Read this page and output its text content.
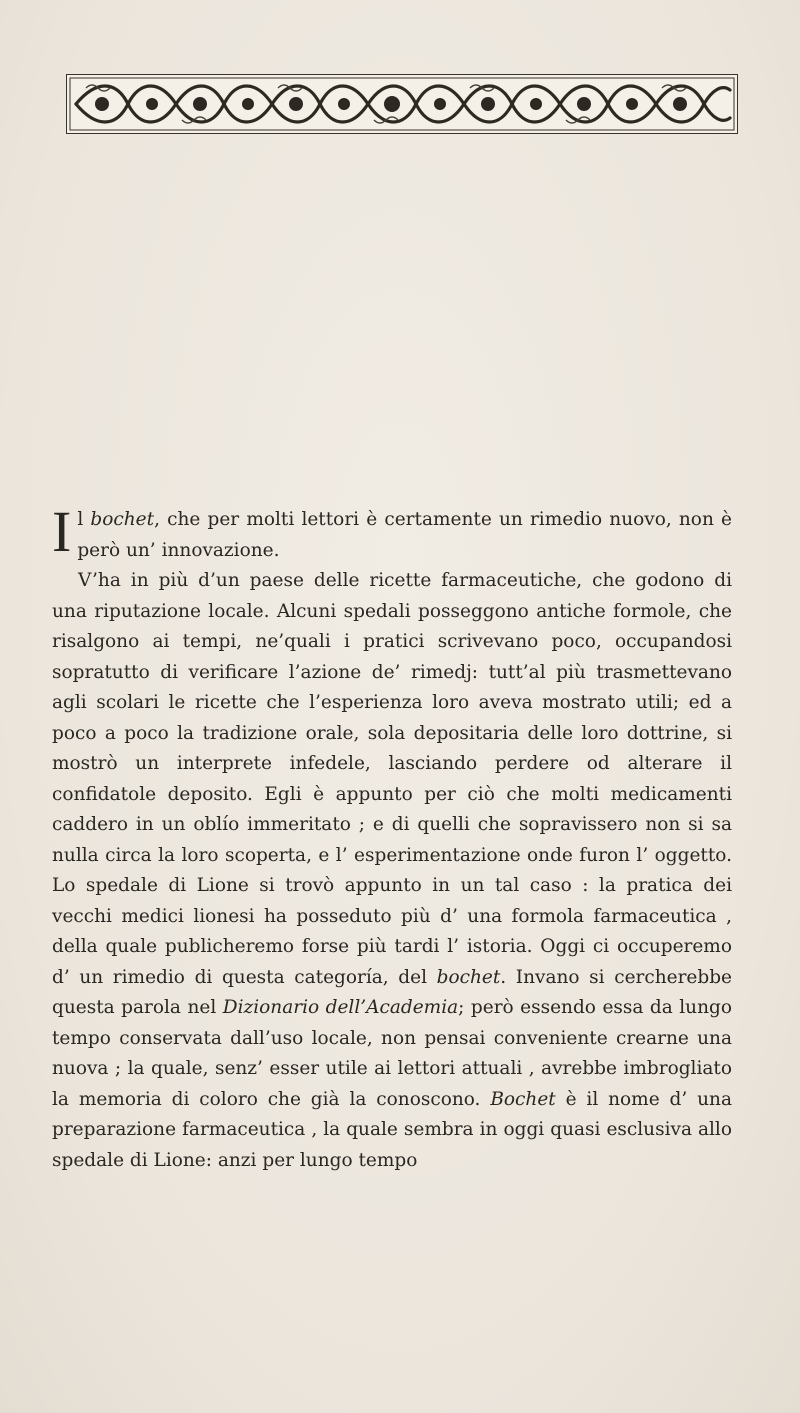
Il bochet, che per molti lettori è certamente un rimedio nuovo, non è però un’ innovazione.

V’ha in più d’un paese delle ricette farmaceutiche, che godono di una riputazione locale. Alcuni spedali posseggono antiche formole, che risalgono ai tempi, ne’quali i pratici scrivevano poco, occupandosi sopratutto di verificare l’azione de’ rimedj: tutt’al più trasmettevano agli scolari le ricette che l’esperienza loro aveva mostrato utili; ed a poco a poco la tradizione orale, sola depositaria delle loro dottrine, si mostrò un interprete infedele, lasciando perdere od alterare il confidatole deposito. Egli è appunto per ciò che molti medicamenti caddero in un oblío immeritato ; e di quelli che sopravissero non si sa nulla circa la loro scoperta, e l’ esperimentazione onde furon l’ oggetto. Lo spedale di Lione si trovò appunto in un tal caso : la pratica dei vecchi medici lionesi ha posseduto più d’ una formola farmaceutica , della quale publicheremo forse più tardi l’ istoria. Oggi ci occuperemo d’ un rimedio di questa categoría, del bochet. Invano si cercherebbe questa parola nel Dizionario dell’Academia; però essendo essa da lungo tempo conservata dall’uso locale, non pensai conveniente crearne una nuova ; la quale, senz’ esser utile ai lettori attuali , avrebbe imbrogliato la memoria di coloro che già la conoscono. Bochet è il nome d’ una preparazione farmaceutica , la quale sembra in oggi quasi esclusiva allo spedale di Lione: anzi per lungo tempo
